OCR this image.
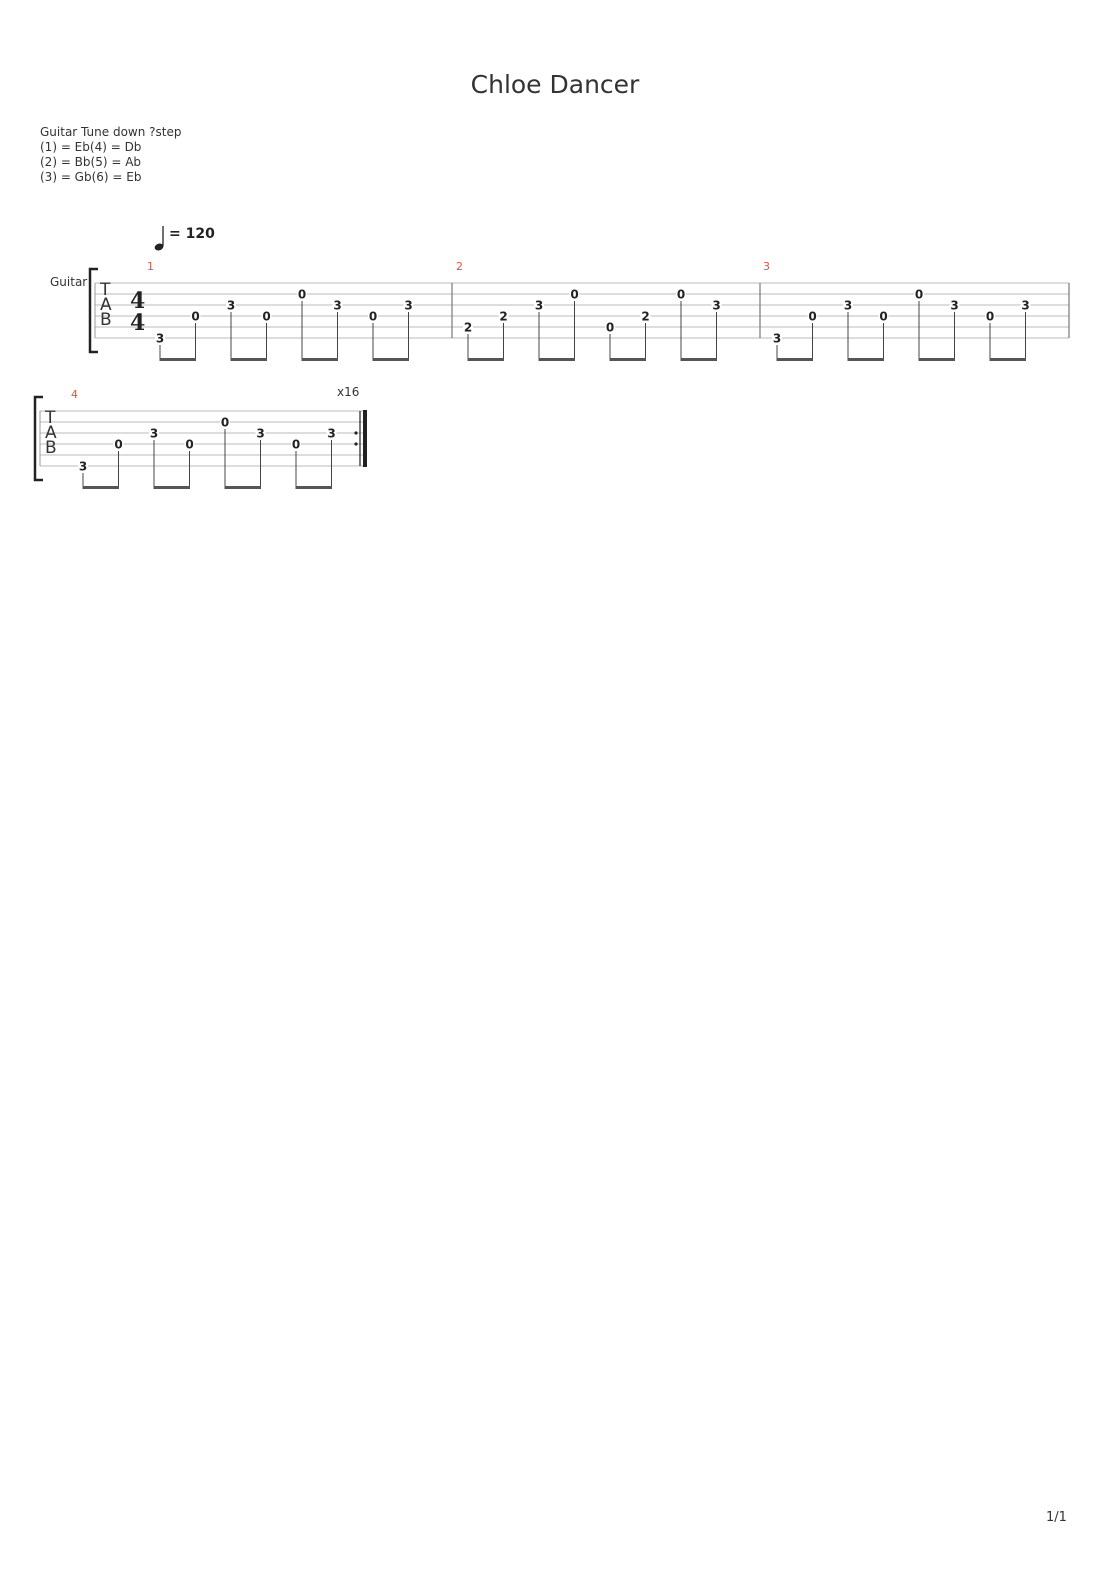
Chloe Dancer
Guitar Tune down ?step
(1) = Eb(4) = Db
(2) = Bb(5) = Ab
(3) = Gb(6) = Eb
= 120
Guitar
x16
T
A
B
1
4
4
3
0
3
0
0
3
0
3
2
2
2
3
0
0
2
0
3
3
3
0
3
0
0
3
0
3
T
A
B
4
3
0
3
0
0
3
0
3
1/1
